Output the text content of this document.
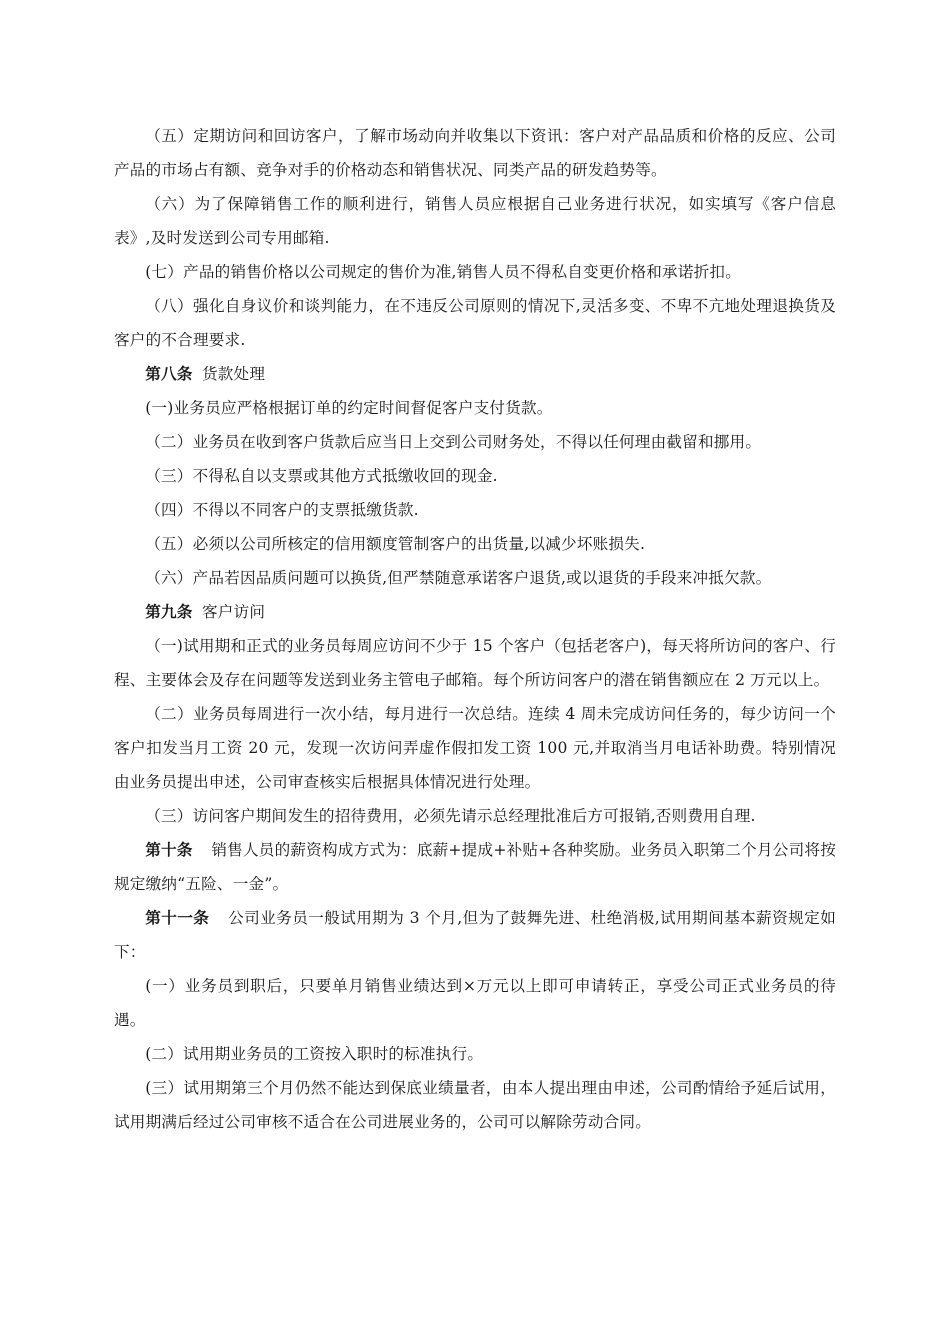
（五）定期访问和回访客户，了解市场动向并收集以下资讯：客户对产品品质和价格的反应、公司产品的市场占有额、竞争对手的价格动态和销售状况、同类产品的研发趋势等。

（六）为了保障销售工作的顺利进行，销售人员应根据自己业务进行状况，如实填写《客户信息表》,及时发送到公司专用邮箱.

(七）产品的销售价格以公司规定的售价为准,销售人员不得私自变更价格和承诺折扣。

（八）强化自身议价和谈判能力，在不违反公司原则的情况下,灵活多变、不卑不亢地处理退换货及客户的不合理要求.

第八条 货款处理

(一)业务员应严格根据订单的约定时间督促客户支付货款。

（二）业务员在收到客户货款后应当日上交到公司财务处，不得以任何理由截留和挪用。

（三）不得私自以支票或其他方式抵缴收回的现金.

（四）不得以不同客户的支票抵缴货款.

（五）必须以公司所核定的信用额度管制客户的出货量,以减少坏账损失.

（六）产品若因品质问题可以换货,但严禁随意承诺客户退货,或以退货的手段来冲抵欠款。

第九条 客户访问

（一)试用期和正式的业务员每周应访问不少于 15 个客户（包括老客户)，每天将所访问的客户、行程、主要体会及存在问题等发送到业务主管电子邮箱。每个所访问客户的潜在销售额应在 2 万元以上。

（二）业务员每周进行一次小结，每月进行一次总结。连续 4 周未完成访问任务的，每少访问一个客户扣发当月工资 20 元，发现一次访问弄虚作假扣发工资 100 元,并取消当月电话补助费。特别情况由业务员提出申述，公司审查核实后根据具体情况进行处理。

（三）访问客户期间发生的招待费用，必须先请示总经理批准后方可报销,否则费用自理.

第十条 销售人员的薪资构成方式为：底薪+提成+补贴+各种奖励。业务员入职第二个月公司将按规定缴纳“五险、一金”。

第十一条 公司业务员一般试用期为 3 个月,但为了鼓舞先进、杜绝消极,试用期间基本薪资规定如下：

(一）业务员到职后，只要单月销售业绩达到×万元以上即可申请转正，享受公司正式业务员的待遇。

(二）试用期业务员的工资按入职时的标准执行。

(三）试用期第三个月仍然不能达到保底业绩量者，由本人提出理由申述，公司酌情给予延后试用，试用期满后经过公司审核不适合在公司进展业务的，公司可以解除劳动合同。
